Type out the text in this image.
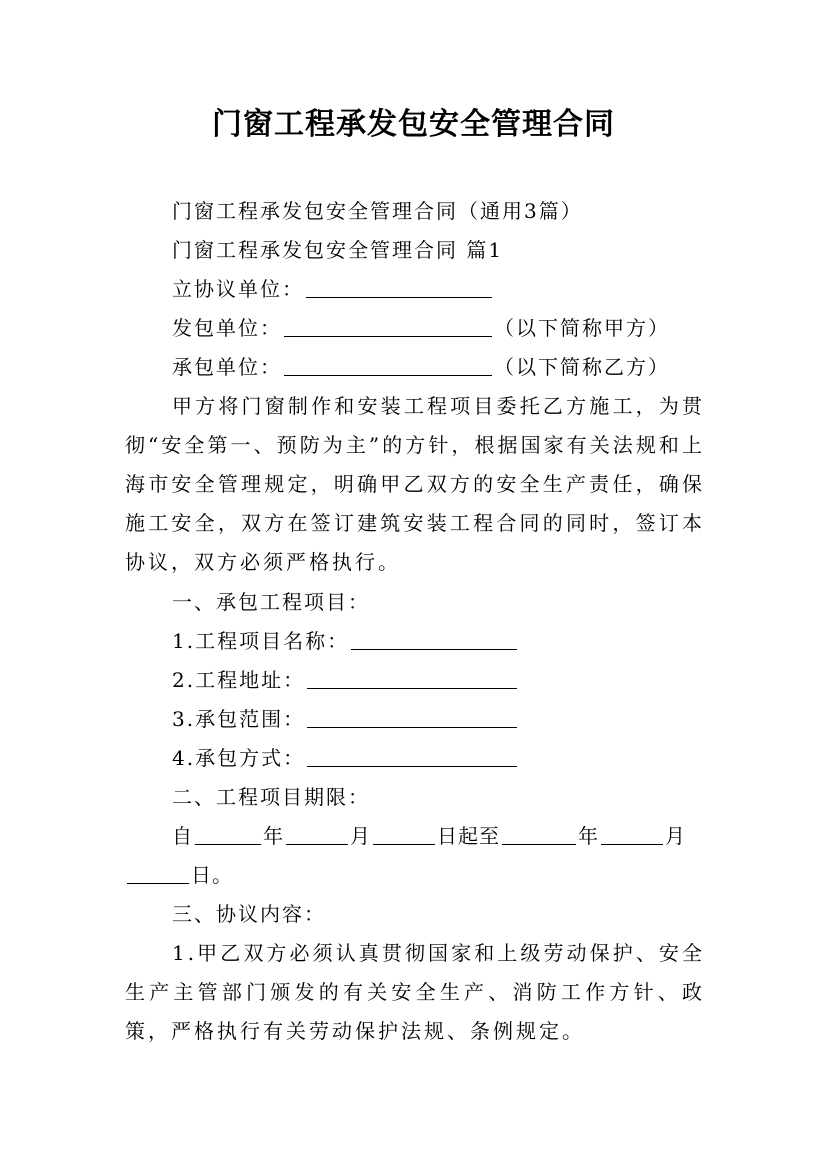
门窗工程承发包安全管理合同
门窗工程承发包安全管理合同（通用3篇）
门窗工程承发包安全管理合同 篇1
立协议单位：
发包单位：	（以下简称甲方）
承包单位：	（以下简称乙方）
甲方将门窗制作和安装工程项目委托乙方施工，为贯彻“安全第一、预防为主”的方针，根据国家有关法规和上海市安全管理规定，明确甲乙双方的安全生产责任，确保施工安全，双方在签订建筑安装工程合同的同时，签订本协议，双方必须严格执行。
一、承包工程项目：
1.工程项目名称：
2.工程地址：
3.承包范围：
4.承包方式：
二、工程项目期限：
自	年	月	日起至	年	月
日。
三、协议内容：
1.甲乙双方必须认真贯彻国家和上级劳动保护、安全生产主管部门颁发的有关安全生产、消防工作方针、政策，严格执行有关劳动保护法规、条例规定。
